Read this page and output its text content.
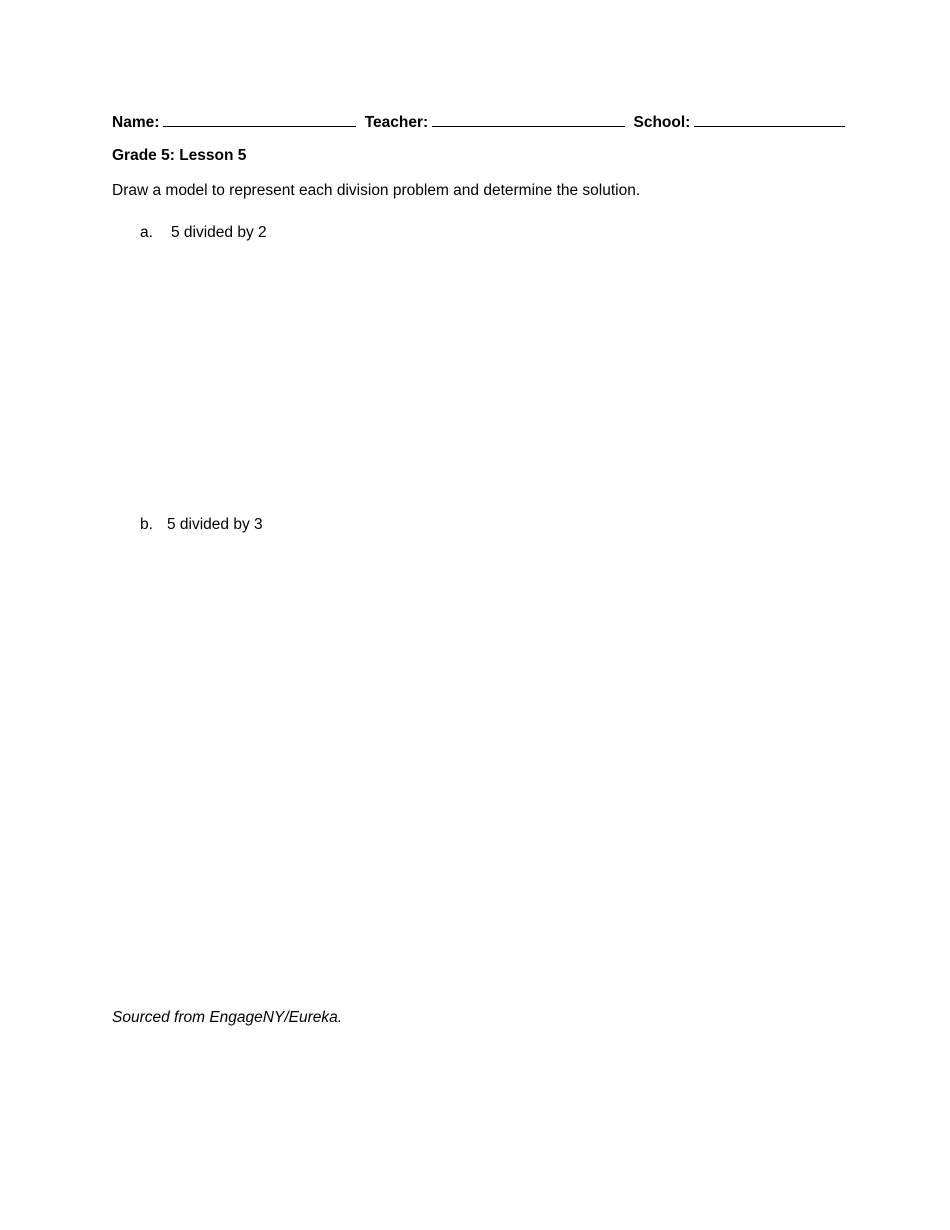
Name:	Teacher:	School:
Grade 5: Lesson 5
Draw a model to represent each division problem and determine the solution.
a. 5 divided by 2
b. 5 divided by 3
Sourced from EngageNY/Eureka.
